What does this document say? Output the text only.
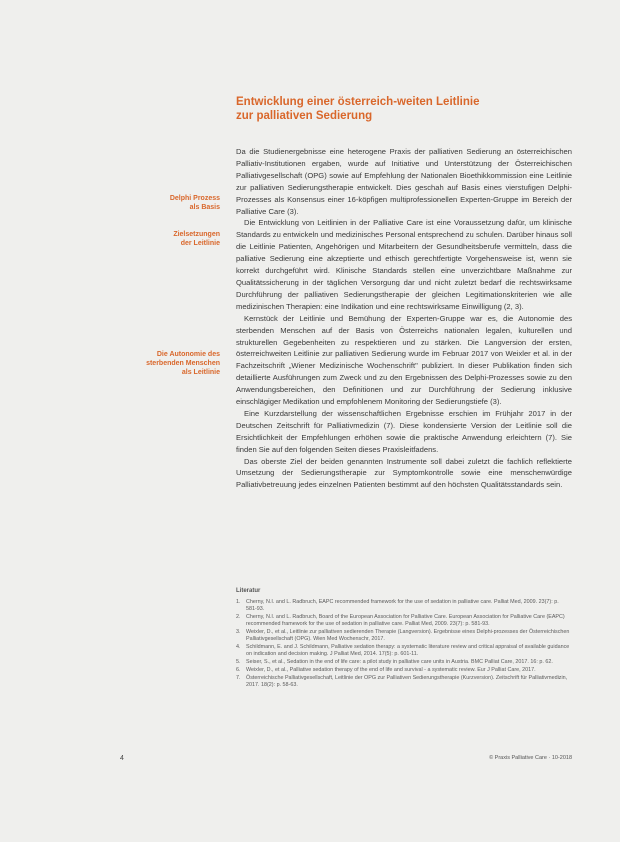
Entwicklung einer österreich-weiten Leitlinie
zur palliativen Sedierung
Delphi Prozess
als Basis
Zielsetzungen
der Leitlinie
Die Autonomie des
sterbenden Menschen
als Leitlinie

Da die Studienergebnisse eine heterogene Praxis der palliativen Sedierung an österreichischen Palliativ-Institutionen ergaben, wurde auf Initiative und Unterstützung der Österreichischen Palliativgesellschaft (OPG) sowie auf Empfehlung der Nationalen Bioethikkommission eine Leitlinie zur palliativen Sedierungstherapie entwickelt. Dies geschah auf Basis eines vierstufigen Delphi-Prozesses als Konsensus einer 16-köpfigen multiprofessionellen Experten-Gruppe im Bereich der Palliative Care (3).

Die Entwicklung von Leitlinien in der Palliative Care ist eine Voraussetzung dafür, um klinische Standards zu entwickeln und medizinisches Personal entsprechend zu schulen. Darüber hinaus soll die Leitlinie Patienten, Angehörigen und Mitarbeitern der Gesundheitsberufe vermitteln, dass die palliative Sedierung eine akzeptierte und ethisch gerechtfertigte Vorgehensweise ist, wenn sie korrekt durchgeführt wird. Klinische Standards stellen eine unverzichtbare Maßnahme zur Qualitätssicherung in der täglichen Versorgung dar und nicht zuletzt bedarf die rechtswirksame Durchführung der palliativen Sedierungstherapie der gleichen Legitimationskriterien wie alle medizinischen Therapien: eine Indikation und eine rechtswirksame Einwilligung (2, 3).

Kernstück der Leitlinie und Bemühung der Experten-Gruppe war es, die Autonomie des sterbenden Menschen auf der Basis von Österreichs nationalen legalen, kulturellen und strukturellen Gegebenheiten zu respektieren und zu stärken. Die Langversion der ersten, österreichweiten Leitlinie zur palliativen Sedierung wurde im Februar 2017 von Weixler et al. in der Fachzeitschrift „Wiener Medizinische Wochenschrift" publiziert. In dieser Publikation finden sich detaillierte Ausführungen zum Zweck und zu den Ergebnissen des Delphi-Prozesses sowie zu den Anwendungsbereichen, den Definitionen und zur Durchführung der Sedierung inklusive einschlägiger Medikation und empfohlenem Monitoring der Sedierungstiefe (3).

Eine Kurzdarstellung der wissenschaftlichen Ergebnisse erschien im Frühjahr 2017 in der Deutschen Zeitschrift für Palliativmedizin (7). Diese kondensierte Version der Leitlinie soll die Ersichtlichkeit der Empfehlungen erhöhen sowie die praktische Anwendung erleichtern (7). Sie finden Sie auf den folgenden Seiten dieses Praxisleitfadens.

Das oberste Ziel der beiden genannten Instrumente soll dabei zuletzt die fachlich reflektierte Umsetzung der Sedierungstherapie zur Symptomkontrolle sowie eine menschenwürdige Palliativbetreuung jedes einzelnen Patienten bestimmt auf den höchsten Qualitätsstandards sein.

Literatur
1.	Cherny, N.I. and L. Radbruch, EAPC recommended framework for the use of sedation in palliative care. Palliat Med, 2009. 23(7): p. 581-93.
2.	Cherny, N.I. and L. Radbruch, Board of the European Association for Palliative Care. European Association for Palliative Care (EAPC) recommended framework for the use of sedation in palliative care. Palliat Med, 2009. 23(7): p. 581-93.
3.	Weixler, D., et al., Leitlinie zur palliativen sedierenden Therapie (Langversion). Ergebnisse eines Delphi-prozesses der Österreichischen Palliativgesellschaft (OPG). Wien Med Wochenschr, 2017.
4.	Schildmann, E. and J. Schildmann, Palliative sedation therapy: a systematic literature review and critical appraisal of available guidance on indication and decision making. J Palliat Med, 2014. 17(5): p. 601-11.
5.	Seiser, S., et al., Sedation in the end of life care: a pilot study in palliative care units in Austria. BMC Palliat Care, 2017. 16: p. 62.
6.	Weixler, D., et al., Palliative sedation therapy of the end of life and survival - a systematic review. Eur J Palliat Care, 2017.
7.	Österreichische Palliativgesellschaft, Leitlinie der OPG zur Palliativen Sedierungstherapie (Kurzversion). Zeitschrift für Palliativmedizin, 2017. 18(2): p. 58-63.
4	© Praxis Palliative Care · 10-2018
